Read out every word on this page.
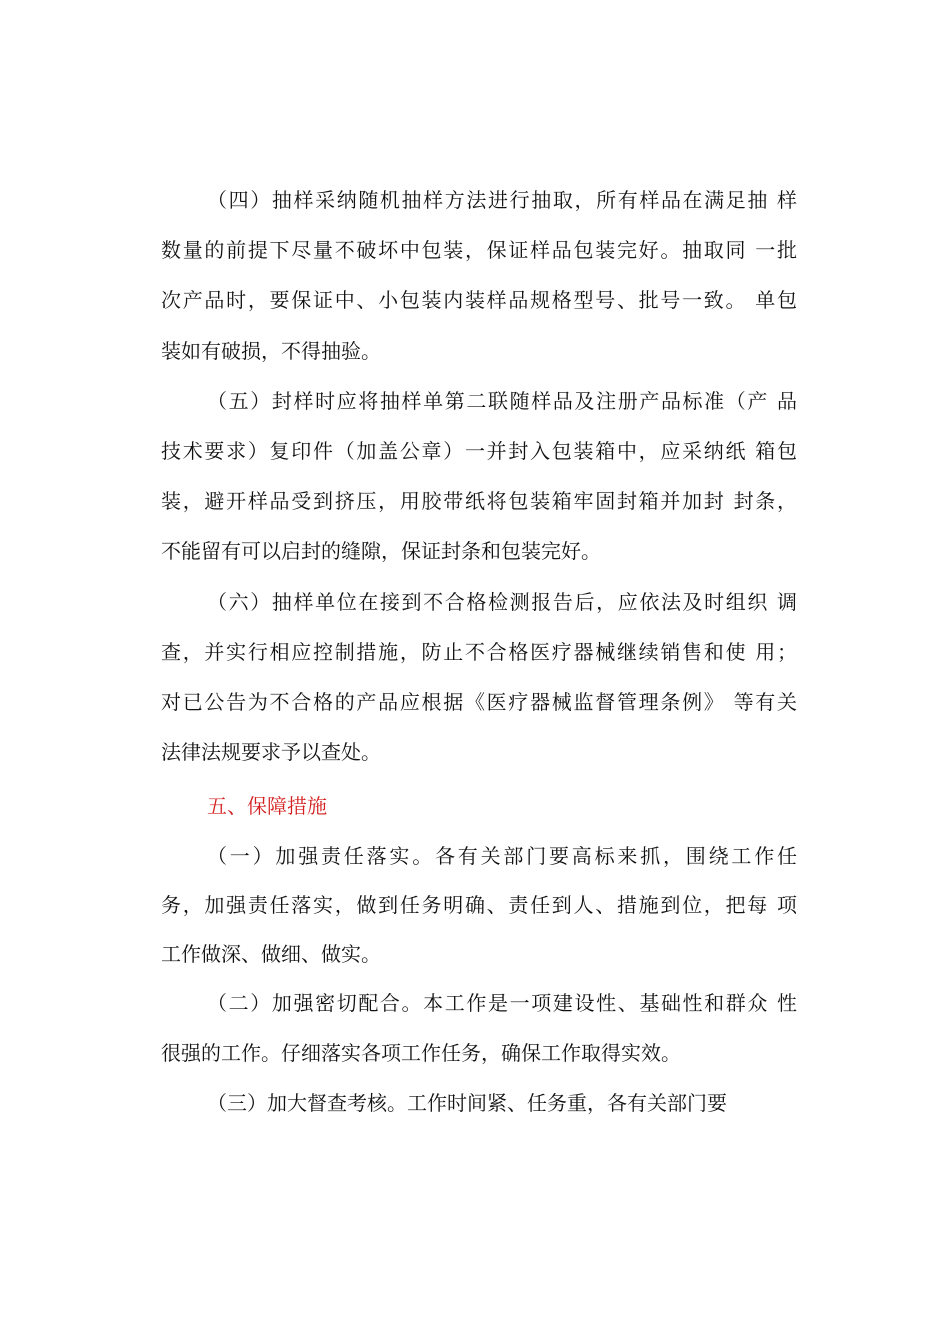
（四）抽样采纳随机抽样方法进行抽取，所有样品在满足抽 样
数量的前提下尽量不破坏中包装，保证样品包装完好。抽取同 一批
次产品时，要保证中、小包装内装样品规格型号、批号一致。 单包
装如有破损，不得抽验。
（五）封样时应将抽样单第二联随样品及注册产品标准（产 品
技术要求）复印件（加盖公章）一并封入包装箱中，应采纳纸 箱包
装，避开样品受到挤压，用胶带纸将包装箱牢固封箱并加封 封条，
不能留有可以启封的缝隙，保证封条和包装完好。
（六）抽样单位在接到不合格检测报告后，应依法及时组织 调
查，并实行相应控制措施，防止不合格医疗器械继续销售和使 用；
对已公告为不合格的产品应根据《医疗器械监督管理条例》 等有关
法律法规要求予以查处。
五、保障措施
（一）加强责任落实。各有关部门要高标来抓，围绕工作任
务，加强责任落实，做到任务明确、责任到人、措施到位，把每 项
工作做深、做细、做实。
（二）加强密切配合。本工作是一项建设性、基础性和群众 性
很强的工作。仔细落实各项工作任务，确保工作取得实效。
（三）加大督查考核。工作时间紧、任务重，各有关部门要
